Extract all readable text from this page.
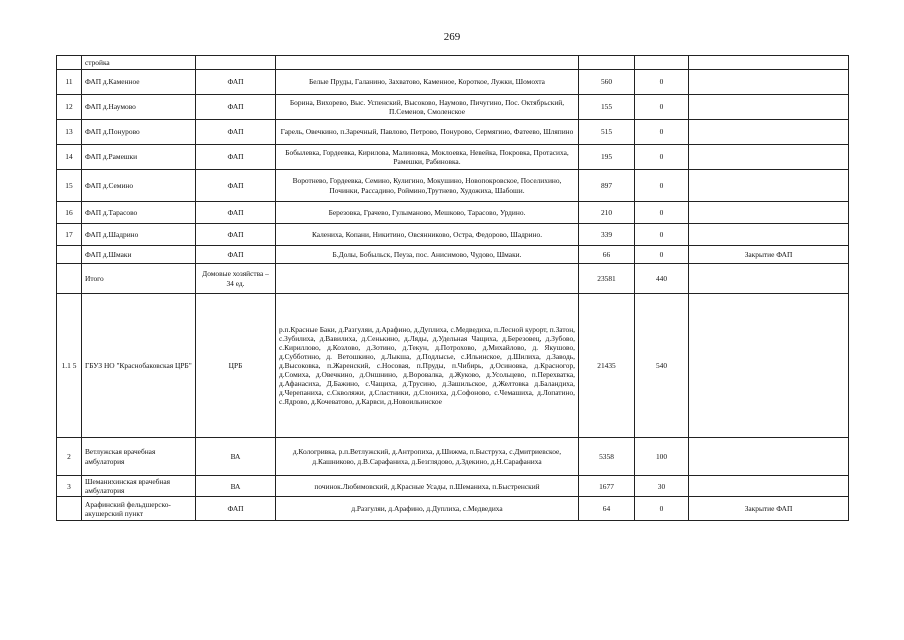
269
	стройка					
11	ФАП д.Каменное	ФАП	Белые Пруды, Галанино, Захватово, Каменное, Короткое, Лужки, Шомохта	560	0	
12	ФАП д.Наумово	ФАП	Борина, Вихорево, Выс. Успенский, Высоково, Наумово, Пичугино, Пос. Октябрьский, П.Семенов, Смоленское	155	0	
13	ФАП д.Понурово	ФАП	Гарель, Овечкино, п.Заречный, Павлово, Петрово, Понурово, Сермягино, Фатеево, Шляпино	515	0	
14	ФАП д.Рамешки	ФАП	Бобылевка, Гордеевка, Кирилова, Малиновка, Моклоевка, Невейка, Покровка, Протасиха, Рамешки, Рабиновка.	195	0	
15	ФАП д.Семино	ФАП	Воротнево, Гордеевка, Семино, Кулигино, Мокушино, Новопокровское, Поселихино, Починки, Рассадино, Роймино,Трутнево, Художиха, Шабоши.	897	0	
16	ФАП д.Тарасово	ФАП	Березовка, Грачево, Гулыманово, Мешково, Тарасово, Урдино.	210	0	
17	ФАП д.Шадрино	ФАП	Калениха, Копани, Никитино, Овсянниково, Остра, Федорово, Шадрино.	339	0	
	ФАП д.Шмаки	ФАП	Б.Долы, Бобыльск, Пеуза, пос. Анисимово, Чудово, Шмаки.	66	0	Закрытие ФАП
	Итого	Домовые хозяйства – 34 ед.		23581	440	
1.1 5	ГБУЗ НО "Краснобаковская ЦРБ"	ЦРБ	р.п.Красные Баки, д.Разгуляи, д.Арафино, д.Дуплиха, с.Медведиха, п.Лесной курорт, п.Затон, с.Зубилиха, д.Вавилиха, д.Сенькино, д.Ляды, д.Удельная Чащиха, д.Березовец, д.Зубово, с.Кириллово, д.Козлово, д.Зотино, д.Текун, д.Потрохово, д.Михайлово, д. Якушово, д.Субботино, д. Ветошкино, д.Лыкша, д.Подлысье, с.Ильинское, д.Шилиха, д.Заводь, д.Высоковка, п.Жаренский, с.Носовая, п.Пруды, п.Чибирь, д.Осиновка, д.Красногор, д.Сомиха, д.Овечкино, д.Оншнино, д.Воровалка, д.Жуково, д.Усольцево, п.Перехватка, д.Афанасиха, Д.Бажино, с.Чащиха, д.Трусино, д.Зашильское, д.Желтовка д.Баландиха, д.Черепаниха, с.Скволяжи, д.Сластники, д.Слониха, д.Софоново, с.Чемашиха, д.Лопатино, с.Ядрово, д.Кочеватово, д.Карвси, д.Новоильинское	21435	540	
2	Ветлужская врачебная амбулатория	ВА	д.Кологривка, р.п.Ветлужский, д.Антропиха, д.Шижма, п.Быструха, с.Дмитриевское, д.Кашниково, д.В.Сарафаниха, д.Безглядово, д.Здекино, д.Н.Сарафаниха	5358	100	
3	Шеманихинская врачебная амбулатория	ВА	починок.Любимовский, д.Красные Усады, п.Шеманиха, п.Быстренский	1677	30	
	Арафинский фельдшерско-акушерский пункт	ФАП	д.Разгуляи, д.Арафино, д.Дуплиха, с.Медведиха	64	0	Закрытие ФАП
